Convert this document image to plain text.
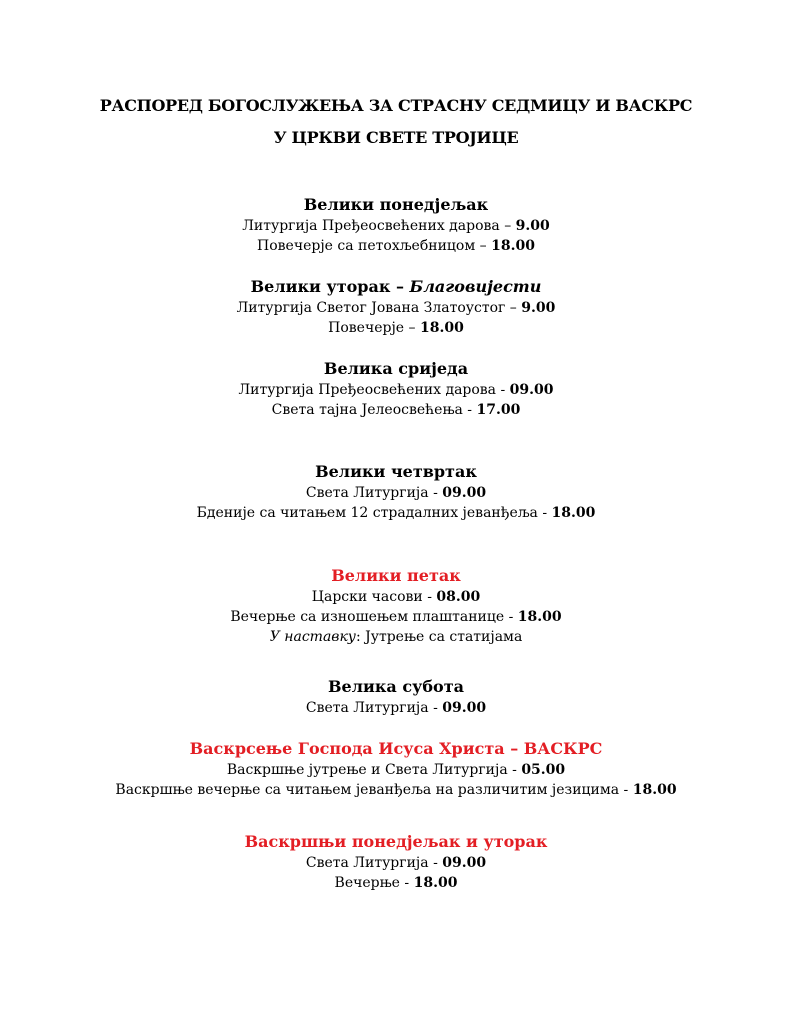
РАСПОРЕД БОГОСЛУЖЕЊА ЗА СТРАСНУ СЕДМИЦУ И ВАСКРС
У ЦРКВИ СВЕТЕ ТРОЈИЦЕ
Велики понедјељак
Литургија Пређеосвећених дарова – 9.00
Повечерје са петохљебницом – 18.00
Велики уторак – Благовијести
Литургија Светог Јована Златоустог – 9.00
Повечерје – 18.00
Велика сриједа
Литургија Пређеосвећених дарова - 09.00
Света тајна Јелеосвећења - 17.00
Велики четвртак
Света Литургија - 09.00
Бденије са читањем 12 страдалних јеванђеља - 18.00
Велики петак
Царски часови - 08.00
Вечерње са изношењем плаштанице - 18.00
У наставку: Јутрење са статијама
Велика субота
Света Литургија - 09.00
Васкрсење Господа Исуса Христа – ВАСКРС
Васкршње јутрење и Света Литургија - 05.00
Васкршње вечерње са читањем јеванђеља на различитим језицима - 18.00
Васкршњи понедјељак и уторак
Света Литургија - 09.00
Вечерње - 18.00
